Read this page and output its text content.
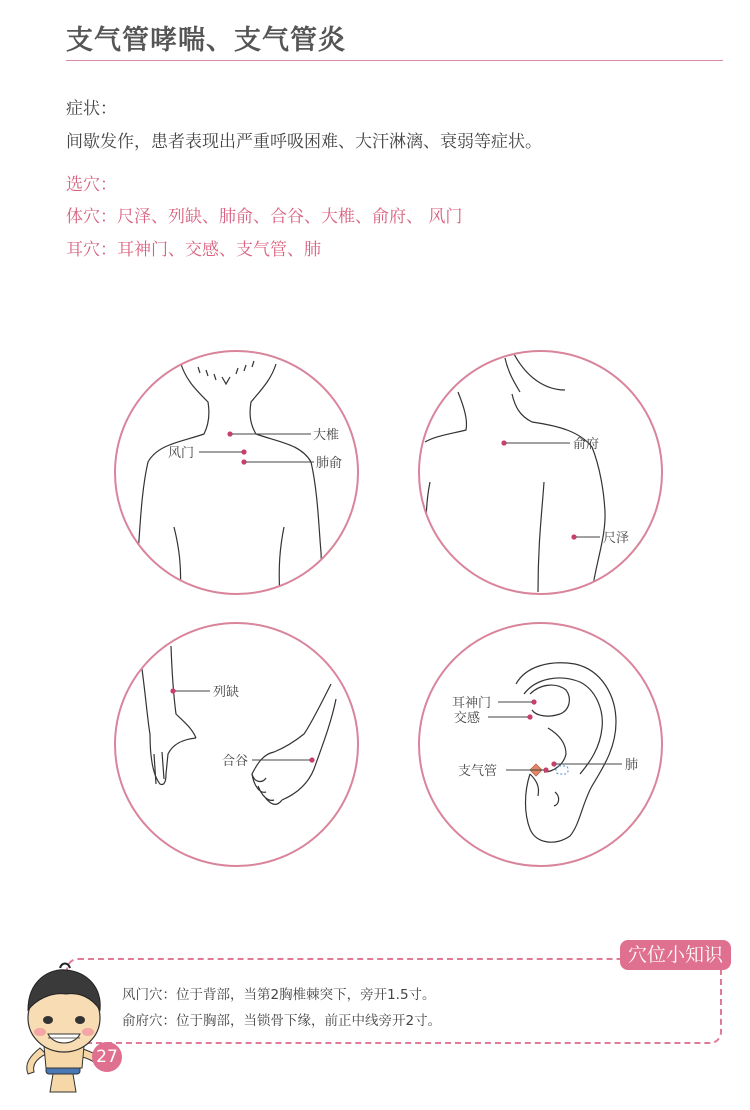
支气管哮喘、支气管炎
症状：
间歇发作，患者表现出严重呼吸困难、大汗淋漓、衰弱等症状。
选穴：
体穴：尺泽、列缺、肺俞、合谷、大椎、俞府、 风门
耳穴：耳神门、交感、支气管、肺
大椎
风门
肺俞
俞府
尺泽
列缺
合谷
耳神门
交感
支气管	肺
穴位小知识
风门穴：位于背部，当第2胸椎棘突下，旁开1.5寸。
俞府穴：位于胸部，当锁骨下缘，前正中线旁开2寸。
27
